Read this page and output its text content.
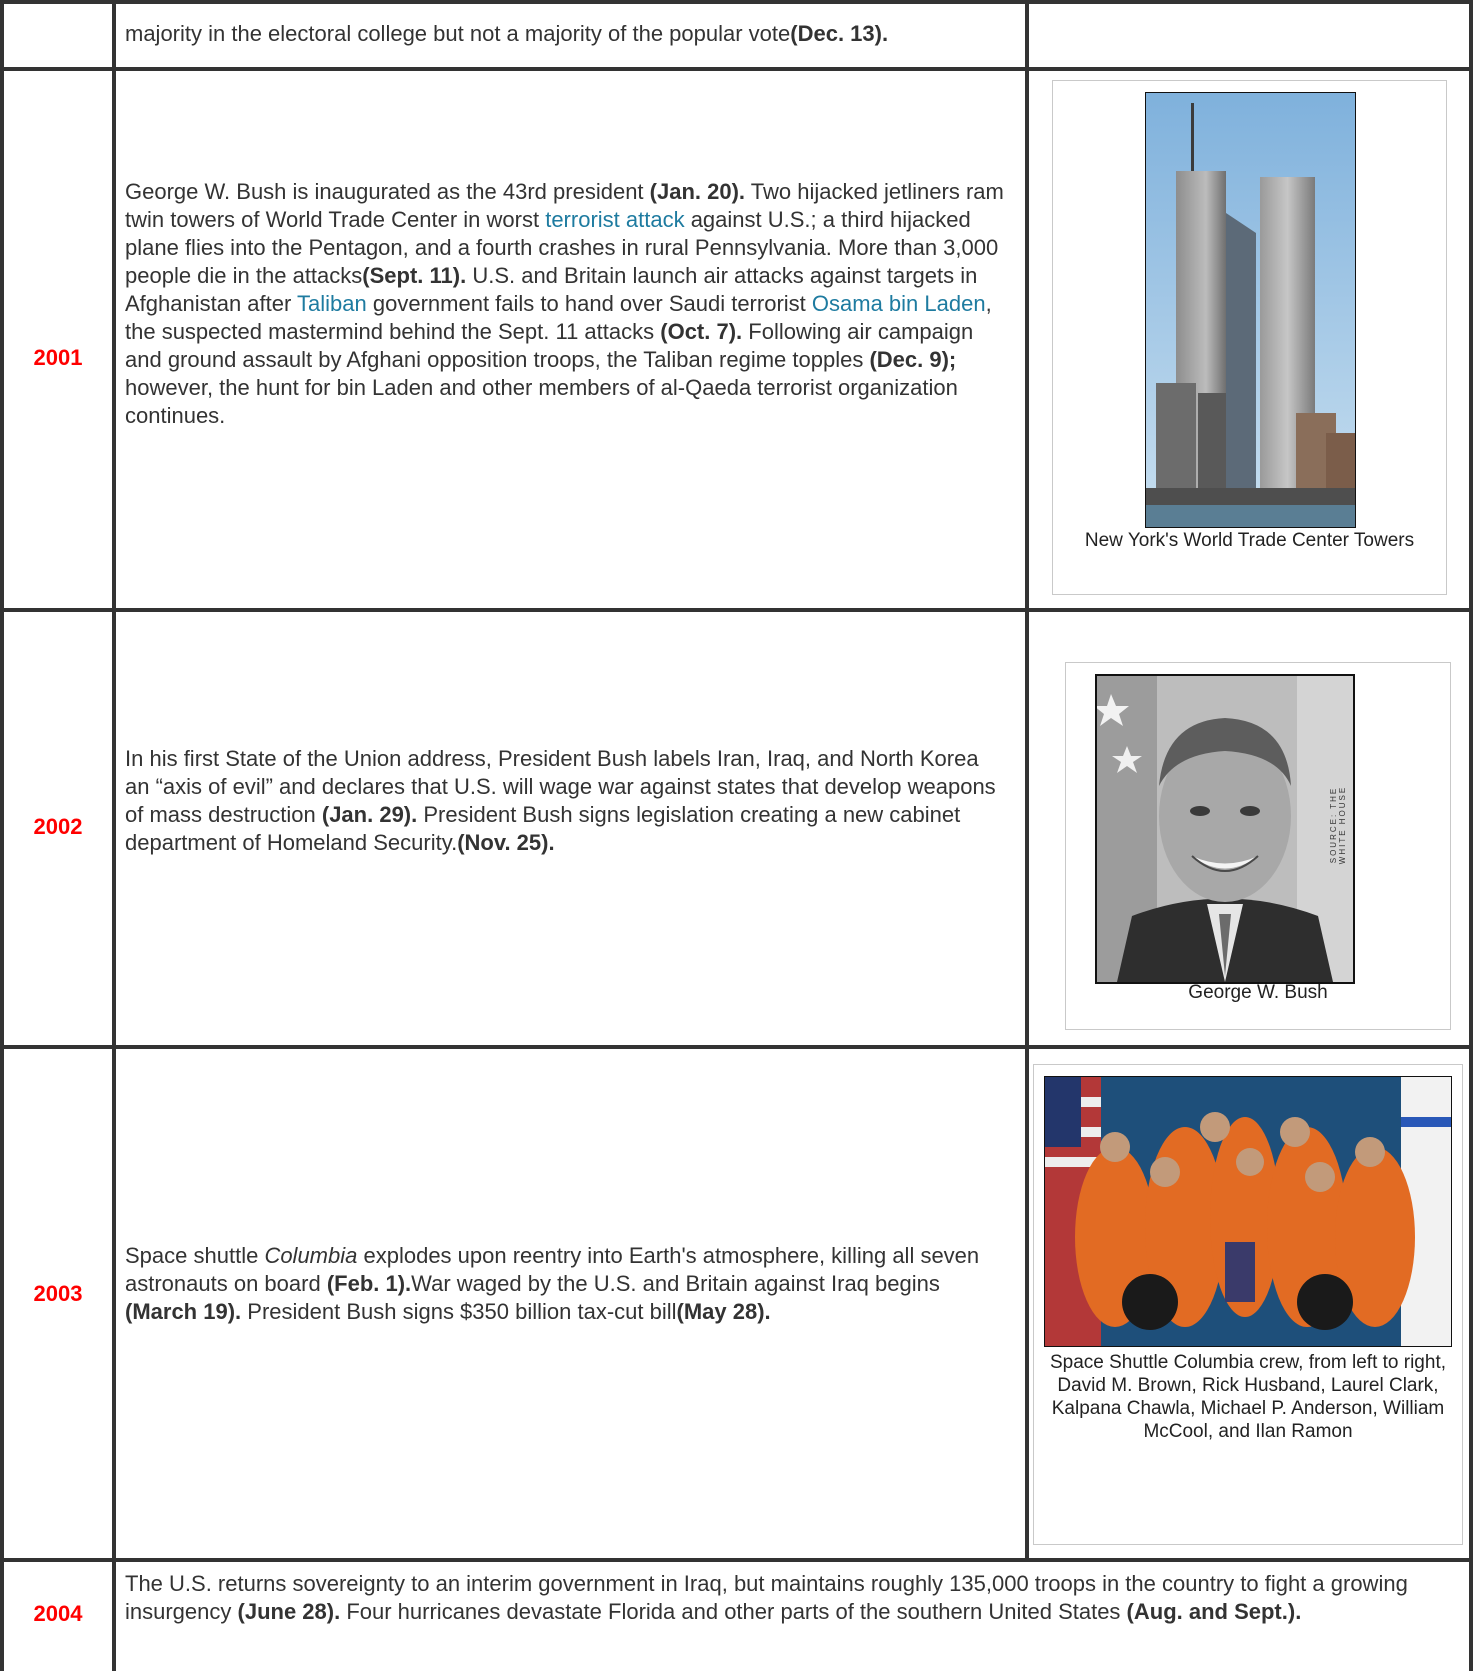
majority in the electoral college but not a majority of the popular vote(Dec. 13).
2001
George W. Bush is inaugurated as the 43rd president (Jan. 20). Two hijacked jetliners ram twin towers of World Trade Center in worst terrorist attack against U.S.; a third hijacked plane flies into the Pentagon, and a fourth crashes in rural Pennsylvania. More than 3,000 people die in the attacks(Sept. 11). U.S. and Britain launch air attacks against targets in Afghanistan after Taliban government fails to hand over Saudi terrorist Osama bin Laden, the suspected mastermind behind the Sept. 11 attacks (Oct. 7). Following air campaign and ground assault by Afghani opposition troops, the Taliban regime topples (Dec. 9); however, the hunt for bin Laden and other members of al-Qaeda terrorist organization continues.
New York's World Trade Center Towers
2002
In his first State of the Union address, President Bush labels Iran, Iraq, and North Korea an “axis of evil” and declares that U.S. will wage war against states that develop weapons of mass destruction (Jan. 29). President Bush signs legislation creating a new cabinet department of Homeland Security.(Nov. 25).	SOURCE: THE WHITE HOUSE
George W. Bush
2003
Space shuttle Columbia explodes upon reentry into Earth's atmosphere, killing all seven astronauts on board (Feb. 1).War waged by the U.S. and Britain against Iraq begins (March 19). President Bush signs $350 billion tax-cut bill(May 28).
Space Shuttle Columbia crew, from left to right, David M. Brown, Rick Husband, Laurel Clark, Kalpana Chawla, Michael P. Anderson, William McCool, and Ilan Ramon
2004
The U.S. returns sovereignty to an interim government in Iraq, but maintains roughly 135,000 troops in the country to fight a growing insurgency (June 28). Four hurricanes devastate Florida and other parts of the southern United States (Aug. and Sept.).
